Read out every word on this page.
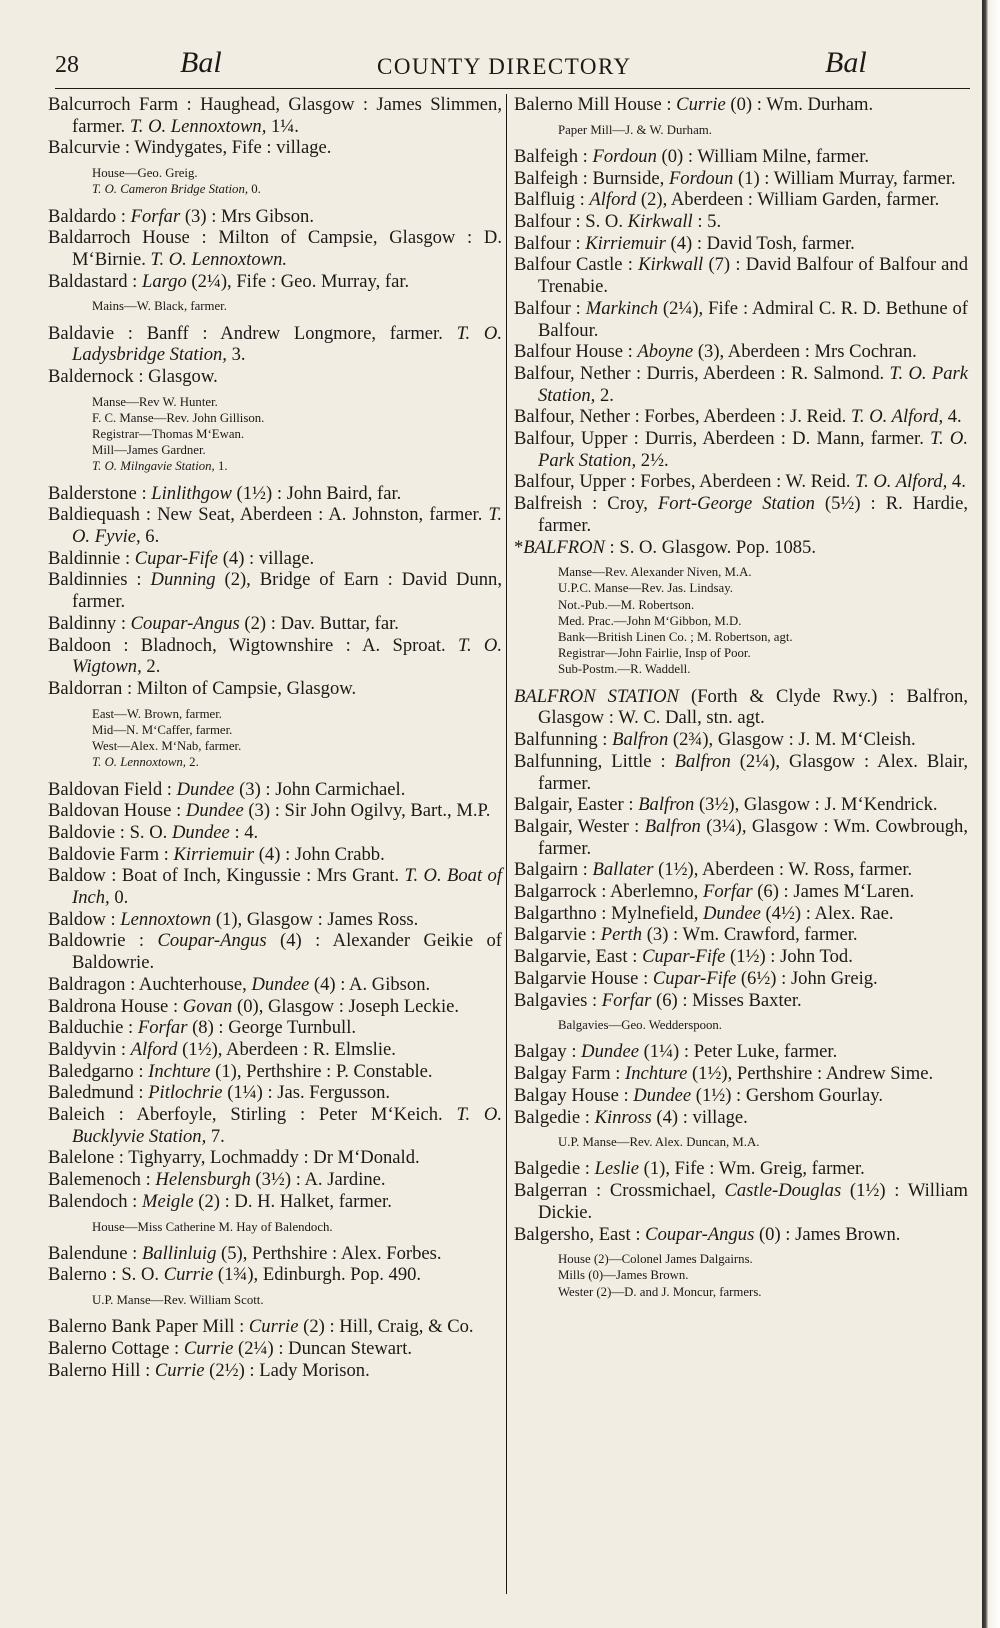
28	Bal	COUNTY DIRECTORY	Bal
Balcurroch Farm : Haughead, Glasgow : James Slimmen, farmer. T. O. Lennoxtown, 1¼.
Balcurvie : Windygates, Fife : village.
House—Geo. Greig.
T. O. Cameron Bridge Station, 0.
Baldardo : Forfar (3) : Mrs Gibson.
Baldarroch House : Milton of Campsie, Glasgow : D. M‘Birnie. T. O. Lennoxtown.
Baldastard : Largo (2¼), Fife : Geo. Murray, far.
Mains—W. Black, farmer.
Baldavie : Banff : Andrew Longmore, farmer. T. O. Ladysbridge Station, 3.
Baldernock : Glasgow.
Manse—Rev W. Hunter.
F. C. Manse—Rev. John Gillison.
Registrar—Thomas M‘Ewan.
Mill—James Gardner.
T. O. Milngavie Station, 1.
Balderstone : Linlithgow (1½) : John Baird, far.
Baldiequash : New Seat, Aberdeen : A. Johnston, farmer. T. O. Fyvie, 6.
Baldinnie : Cupar-Fife (4) : village.
Baldinnies : Dunning (2), Bridge of Earn : David Dunn, farmer.
Baldinny : Coupar-Angus (2) : Dav. Buttar, far.
Baldoon : Bladnoch, Wigtownshire : A. Sproat. T. O. Wigtown, 2.
Baldorran : Milton of Campsie, Glasgow.
East—W. Brown, farmer.
Mid—N. M‘Caffer, farmer.
West—Alex. M‘Nab, farmer.
T. O. Lennoxtown, 2.
Baldovan Field : Dundee (3) : John Carmichael.
Baldovan House : Dundee (3) : Sir John Ogilvy, Bart., M.P.
Baldovie : S. O. Dundee : 4.
Baldovie Farm : Kirriemuir (4) : John Crabb.
Baldow : Boat of Inch, Kingussie : Mrs Grant. T. O. Boat of Inch, 0.
Baldow : Lennoxtown (1), Glasgow : James Ross.
Baldowrie : Coupar-Angus (4) : Alexander Geikie of Baldowrie.
Baldragon : Auchterhouse, Dundee (4) : A. Gibson.
Baldrona House : Govan (0), Glasgow : Joseph Leckie.
Balduchie : Forfar (8) : George Turnbull.
Baldyvin : Alford (1½), Aberdeen : R. Elmslie.
Baledgarno : Inchture (1), Perthshire : P. Constable.
Baledmund : Pitlochrie (1¼) : Jas. Fergusson.
Baleich : Aberfoyle, Stirling : Peter M‘Keich. T. O. Bucklyvie Station, 7.
Balelone : Tighyarry, Lochmaddy : Dr M‘Donald.
Balemenoch : Helensburgh (3½) : A. Jardine.
Balendoch : Meigle (2) : D. H. Halket, farmer.
House—Miss Catherine M. Hay of Balendoch.
Balendune : Ballinluig (5), Perthshire : Alex. Forbes.
Balerno : S. O. Currie (1¾), Edinburgh. Pop. 490.
U.P. Manse—Rev. William Scott.
Balerno Bank Paper Mill : Currie (2) : Hill, Craig, & Co.
Balerno Cottage : Currie (2¼) : Duncan Stewart.
Balerno Hill : Currie (2½) : Lady Morison.
Balerno Mill House : Currie (0) : Wm. Durham.
Paper Mill—J. & W. Durham.
Balfeigh : Fordoun (0) : William Milne, farmer.
Balfeigh : Burnside, Fordoun (1) : William Murray, farmer.
Balfluig : Alford (2), Aberdeen : William Garden, farmer.
Balfour : S. O. Kirkwall : 5.
Balfour : Kirriemuir (4) : David Tosh, farmer.
Balfour Castle : Kirkwall (7) : David Balfour of Balfour and Trenabie.
Balfour : Markinch (2¼), Fife : Admiral C. R. D. Bethune of Balfour.
Balfour House : Aboyne (3), Aberdeen : Mrs Cochran.
Balfour, Nether : Durris, Aberdeen : R. Salmond. T. O. Park Station, 2.
Balfour, Nether : Forbes, Aberdeen : J. Reid. T. O. Alford, 4.
Balfour, Upper : Durris, Aberdeen : D. Mann, farmer. T. O. Park Station, 2½.
Balfour, Upper : Forbes, Aberdeen : W. Reid. T. O. Alford, 4.
Balfreish : Croy, Fort-George Station (5½) : R. Hardie, farmer.
*BALFRON : S. O. Glasgow. Pop. 1085.
Manse—Rev. Alexander Niven, M.A.
U.P.C. Manse—Rev. Jas. Lindsay.
Not.-Pub.—M. Robertson.
Med. Prac.—John M‘Gibbon, M.D.
Bank—British Linen Co. ; M. Robertson, agt.
Registrar—John Fairlie, Insp of Poor.
Sub-Postm.—R. Waddell.
BALFRON STATION (Forth & Clyde Rwy.) : Balfron, Glasgow : W. C. Dall, stn. agt.
Balfunning : Balfron (2¾), Glasgow : J. M. M‘Cleish.
Balfunning, Little : Balfron (2¼), Glasgow : Alex. Blair, farmer.
Balgair, Easter : Balfron (3½), Glasgow : J. M‘Kendrick.
Balgair, Wester : Balfron (3¼), Glasgow : Wm. Cowbrough, farmer.
Balgairn : Ballater (1½), Aberdeen : W. Ross, farmer.
Balgarrock : Aberlemno, Forfar (6) : James M‘Laren.
Balgarthno : Mylnefield, Dundee (4½) : Alex. Rae.
Balgarvie : Perth (3) : Wm. Crawford, farmer.
Balgarvie, East : Cupar-Fife (1½) : John Tod.
Balgarvie House : Cupar-Fife (6½) : John Greig.
Balgavies : Forfar (6) : Misses Baxter.
Balgavies—Geo. Wedderspoon.
Balgay : Dundee (1¼) : Peter Luke, farmer.
Balgay Farm : Inchture (1½), Perthshire : Andrew Sime.
Balgay House : Dundee (1½) : Gershom Gourlay.
Balgedie : Kinross (4) : village.
U.P. Manse—Rev. Alex. Duncan, M.A.
Balgedie : Leslie (1), Fife : Wm. Greig, farmer.
Balgerran : Crossmichael, Castle-Douglas (1½) : William Dickie.
Balgersho, East : Coupar-Angus (0) : James Brown.
House (2)—Colonel James Dalgairns.
Mills (0)—James Brown.
Wester (2)—D. and J. Moncur, farmers.
